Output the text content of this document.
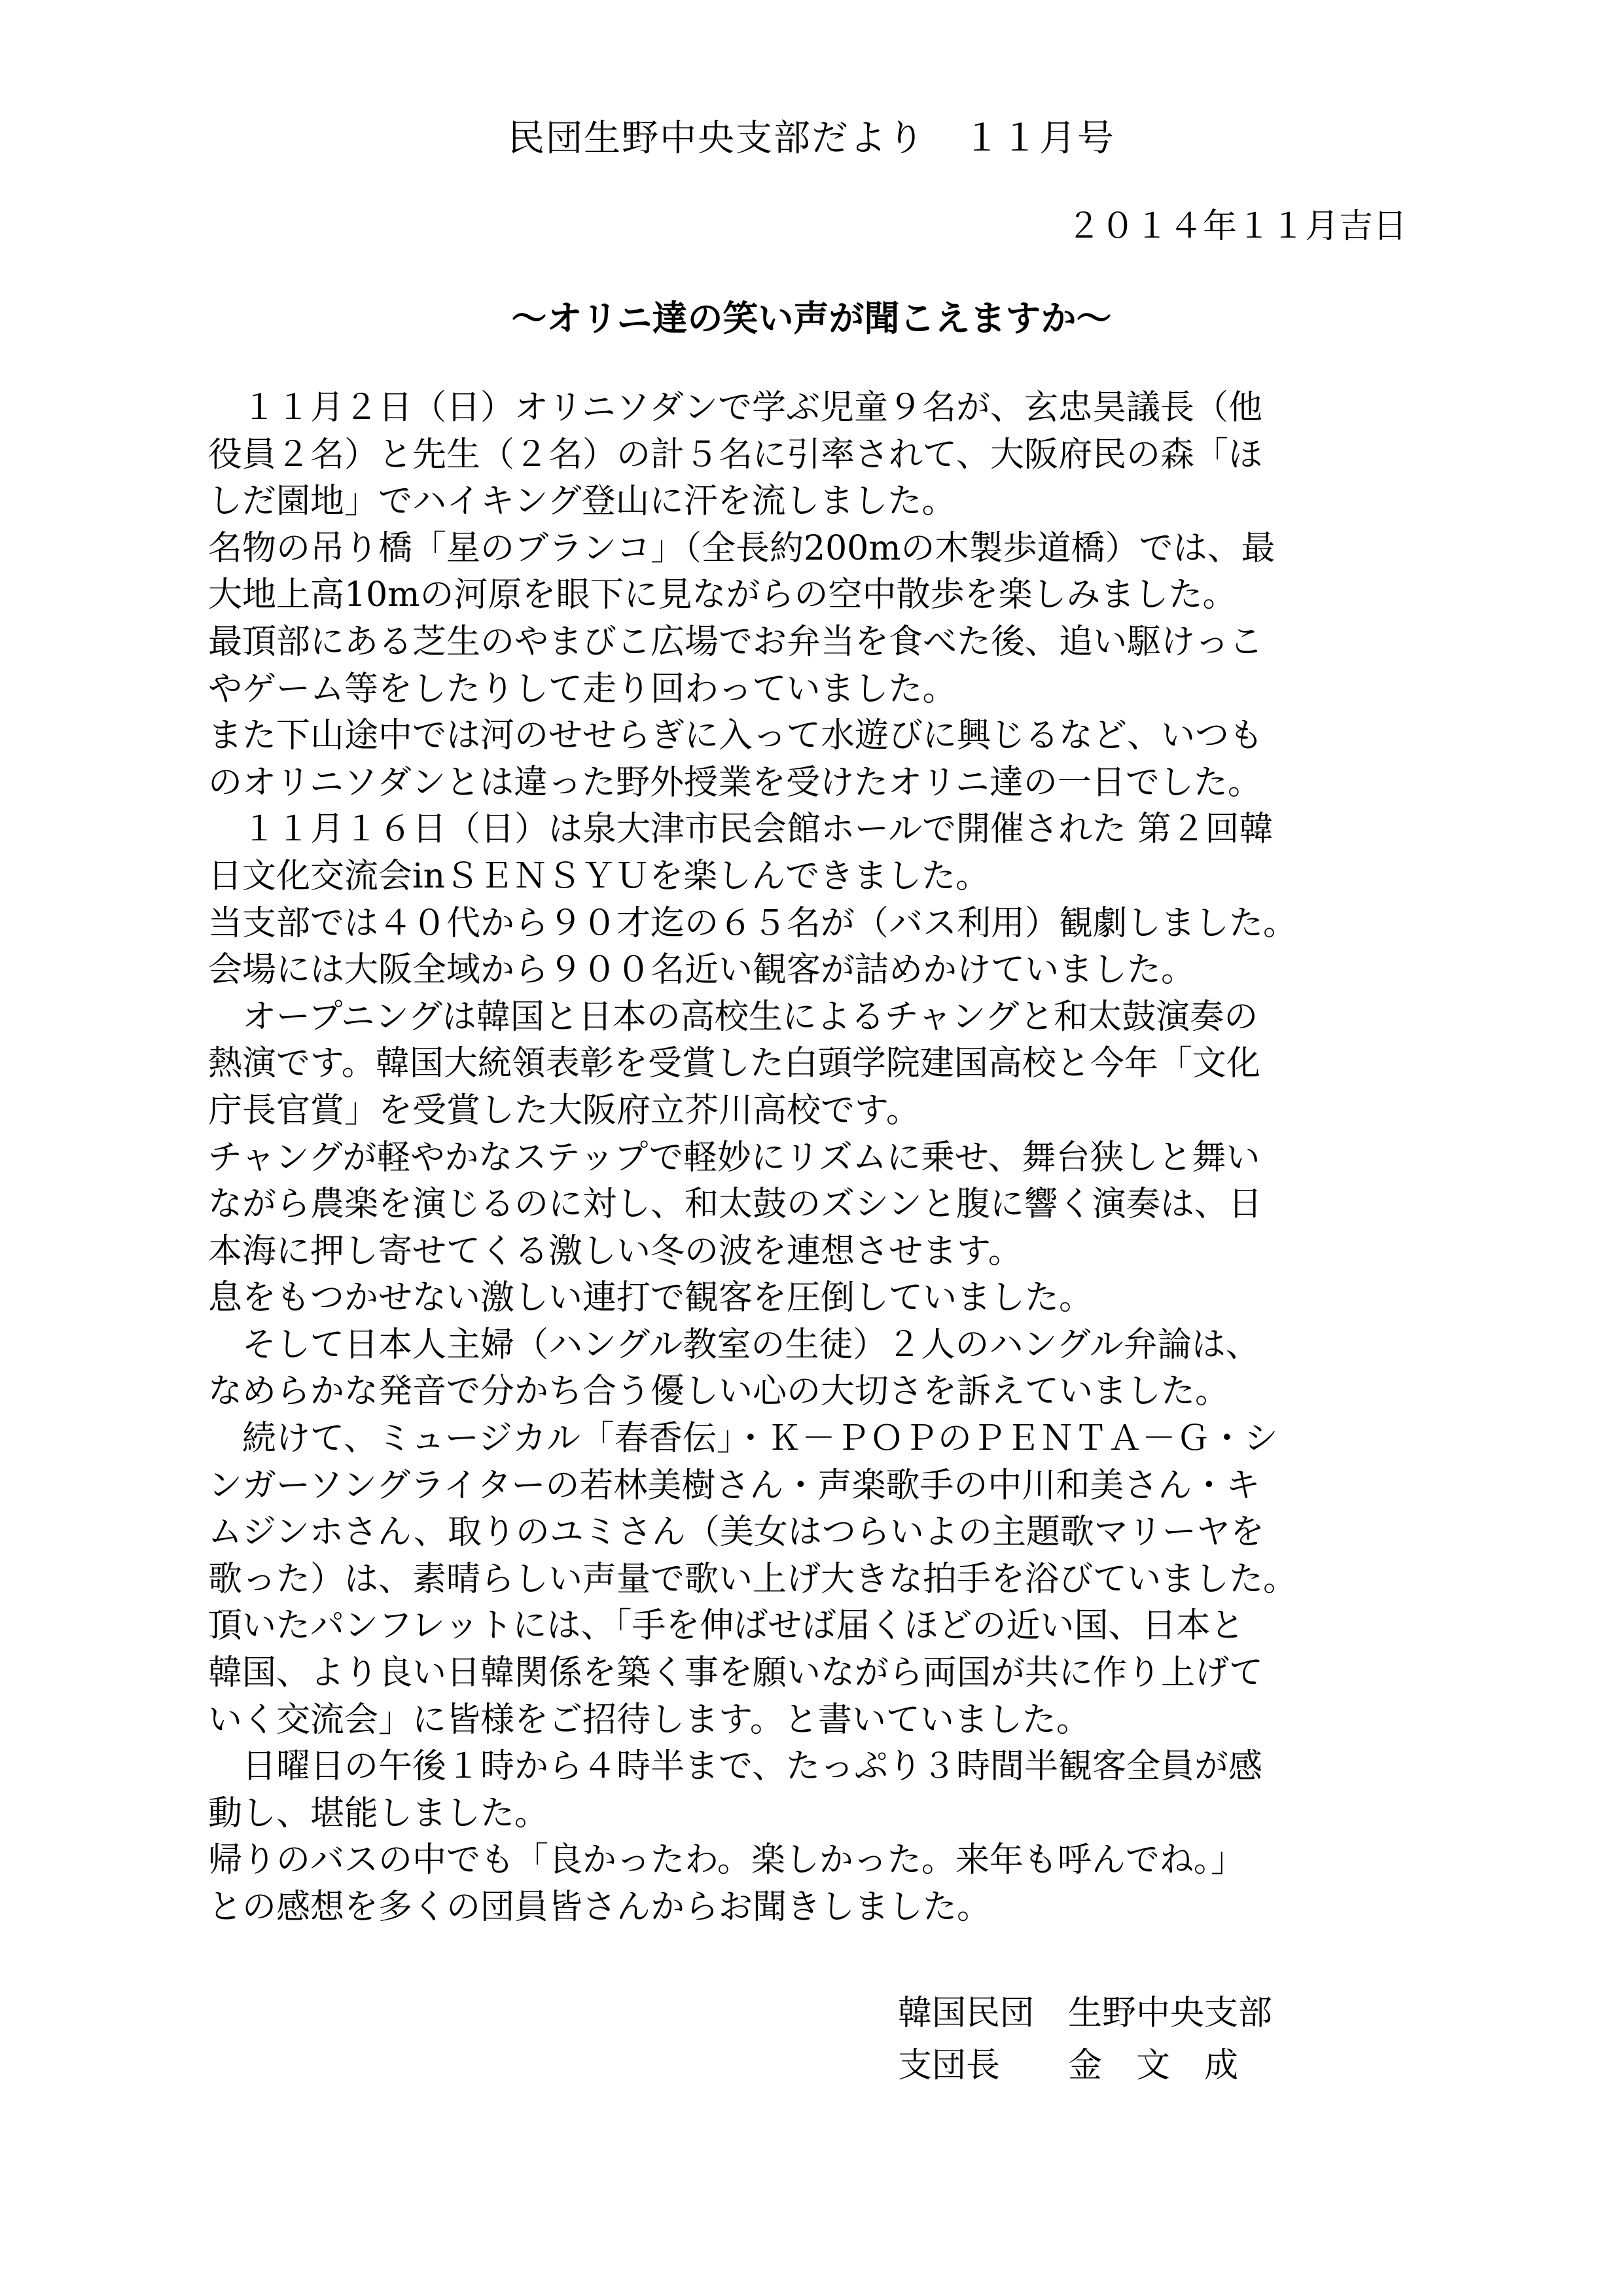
民団生野中央支部だより　１１月号
２０１４年１１月吉日
～オリニ達の笑い声が聞こえますか～
　１１月２日（日）オリニソダンで学ぶ児童９名が、玄忠昊議長（他
役員２名）と先生（２名）の計５名に引率されて、大阪府民の森「ほ
しだ園地」でハイキング登山に汗を流しました。
名物の吊り橋「星のブランコ」（全長約200mの木製歩道橋）では、最
大地上高10mの河原を眼下に見ながらの空中散歩を楽しみました。
最頂部にある芝生のやまびこ広場でお弁当を食べた後、追い駆けっこ
やゲーム等をしたりして走り回わっていました。
また下山途中では河のせせらぎに入って水遊びに興じるなど、いつも
のオリニソダンとは違った野外授業を受けたオリニ達の一日でした。
　１１月１６日（日）は泉大津市民会館ホールで開催された 第２回韓
日文化交流会inＳＥＮＳＹＵを楽しんできました。
当支部では４０代から９０才迄の６５名が（バス利用）観劇しました。
会場には大阪全域から９００名近い観客が詰めかけていました。
　オープニングは韓国と日本の高校生によるチャングと和太鼓演奏の
熱演です。韓国大統領表彰を受賞した白頭学院建国高校と今年「文化
庁長官賞」を受賞した大阪府立芥川高校です。
チャングが軽やかなステップで軽妙にリズムに乗せ、舞台狭しと舞い
ながら農楽を演じるのに対し、和太鼓のズシンと腹に響く演奏は、日
本海に押し寄せてくる激しい冬の波を連想させます。
息をもつかせない激しい連打で観客を圧倒していました。
　そして日本人主婦（ハングル教室の生徒）２人のハングル弁論は、
なめらかな発音で分かち合う優しい心の大切さを訴えていました。
　続けて、ミュージカル「春香伝」・Ｋ－ＰＯＰのＰＥＮＴＡ－Ｇ・シ
ンガーソングライターの若林美樹さん・声楽歌手の中川和美さん・キ
ムジンホさん、取りのユミさん（美女はつらいよの主題歌マリーヤを
歌った）は、素晴らしい声量で歌い上げ大きな拍手を浴びていました。
頂いたパンフレットには、「手を伸ばせば届くほどの近い国、日本と
韓国、より良い日韓関係を築く事を願いながら両国が共に作り上げて
いく交流会」に皆様をご招待します。と書いていました。
　日曜日の午後１時から４時半まで、たっぷり３時間半観客全員が感
動し、堪能しました。
帰りのバスの中でも「良かったわ。楽しかった。来年も呼んでね。」
との感想を多くの団員皆さんからお聞きしました。
韓国民団　生野中央支部
支団長　　金　文　成
